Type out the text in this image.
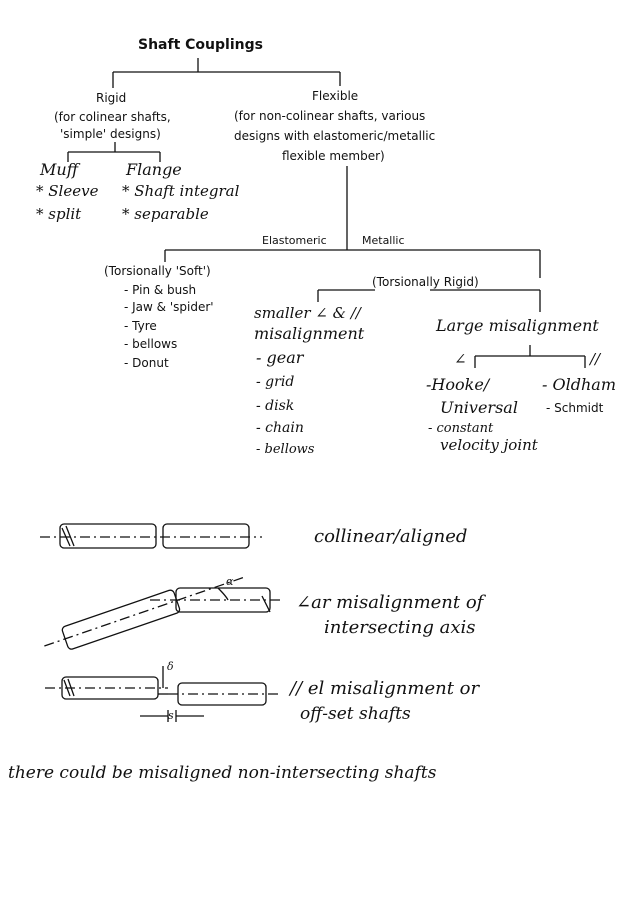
Shaft Couplings
Rigid
(for colinear shafts,
'simple' designs)
Muff
* Sleeve
* split
Flange
* Shaft integral
* separable
Flexible
(for non-colinear shafts, various
designs with elastomeric/metallic
flexible member)
Elastomeric	Metallic
(Torsionally 'Soft')
- Pin & bush
- Jaw & 'spider'
- Tyre
- bellows
- Donut
(Torsionally Rigid)
smaller ∠ & //
misalignment
- gear
- grid
- disk
- chain
- bellows
Large misalignment
∠	//
-Hooke/
Universal
- constant
velocity joint
- Oldham
- Schmidt
collinear/aligned
α
∠ar misalignment of
intersecting axis
δ
s
// el misalignment or
off-set shafts
there could be misaligned non-intersecting shafts
